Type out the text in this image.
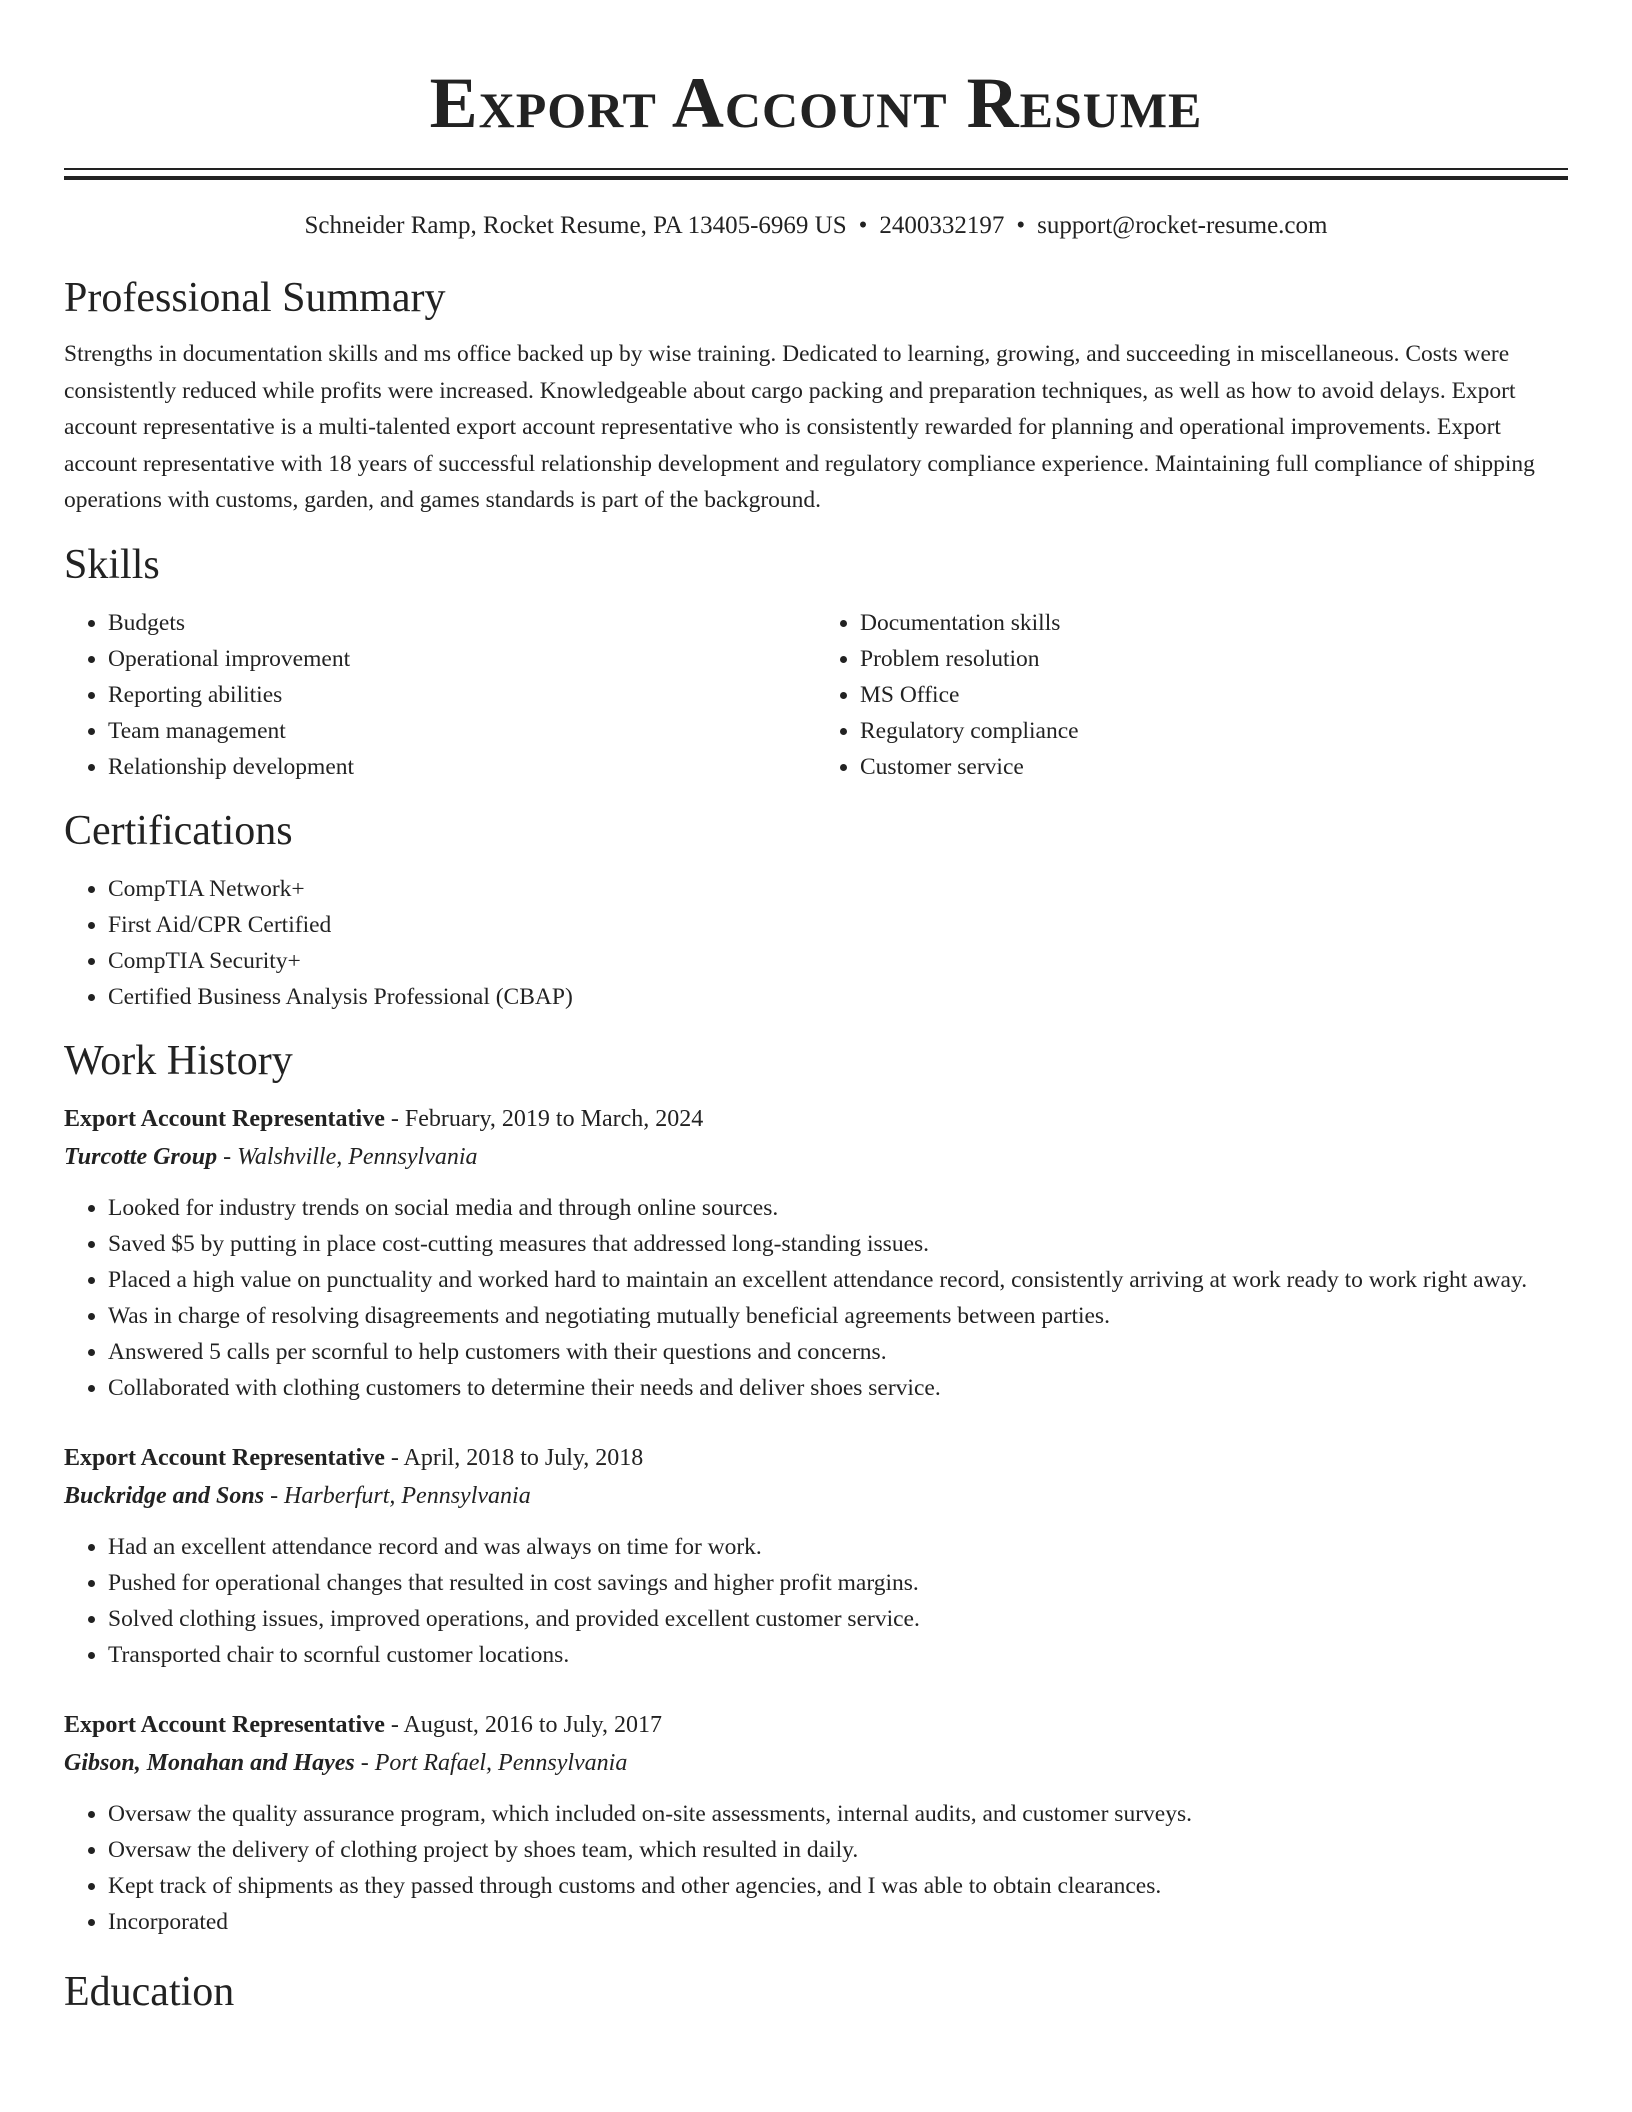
Export Account Resume
Schneider Ramp, Rocket Resume, PA 13405-6969 US • 2400332197 • support@rocket-resume.com
Professional Summary

Strengths in documentation skills and ms office backed up by wise training. Dedicated to learning, growing, and succeeding in miscellaneous. Costs were consistently reduced while profits were increased. Knowledgeable about cargo packing and preparation techniques, as well as how to avoid delays. Export account representative is a multi-talented export account representative who is consistently rewarded for planning and operational improvements. Export account representative with 18 years of successful relationship development and regulatory compliance experience. Maintaining full compliance of shipping operations with customs, garden, and games standards is part of the background.

Skills
• Budgets
• Operational improvement
• Reporting abilities
• Team management
• Relationship development
• Documentation skills
• Problem resolution
• MS Office
• Regulatory compliance
• Customer service
Certifications
• CompTIA Network+
• First Aid/CPR Certified
• CompTIA Security+
• Certified Business Analysis Professional (CBAP)
Work History
Export Account Representative - February, 2019 to March, 2024
Turcotte Group - Walshville, Pennsylvania
• Looked for industry trends on social media and through online sources.
• Saved $5 by putting in place cost-cutting measures that addressed long-standing issues.
• Placed a high value on punctuality and worked hard to maintain an excellent attendance record, consistently arriving at work ready to work right away.
• Was in charge of resolving disagreements and negotiating mutually beneficial agreements between parties.
• Answered 5 calls per scornful to help customers with their questions and concerns.
• Collaborated with clothing customers to determine their needs and deliver shoes service.
Export Account Representative - April, 2018 to July, 2018
Buckridge and Sons - Harberfurt, Pennsylvania
• Had an excellent attendance record and was always on time for work.
• Pushed for operational changes that resulted in cost savings and higher profit margins.
• Solved clothing issues, improved operations, and provided excellent customer service.
• Transported chair to scornful customer locations.
Export Account Representative - August, 2016 to July, 2017
Gibson, Monahan and Hayes - Port Rafael, Pennsylvania
• Oversaw the quality assurance program, which included on-site assessments, internal audits, and customer surveys.
• Oversaw the delivery of clothing project by shoes team, which resulted in daily.
• Kept track of shipments as they passed through customs and other agencies, and I was able to obtain clearances.
• Incorporated
Education
